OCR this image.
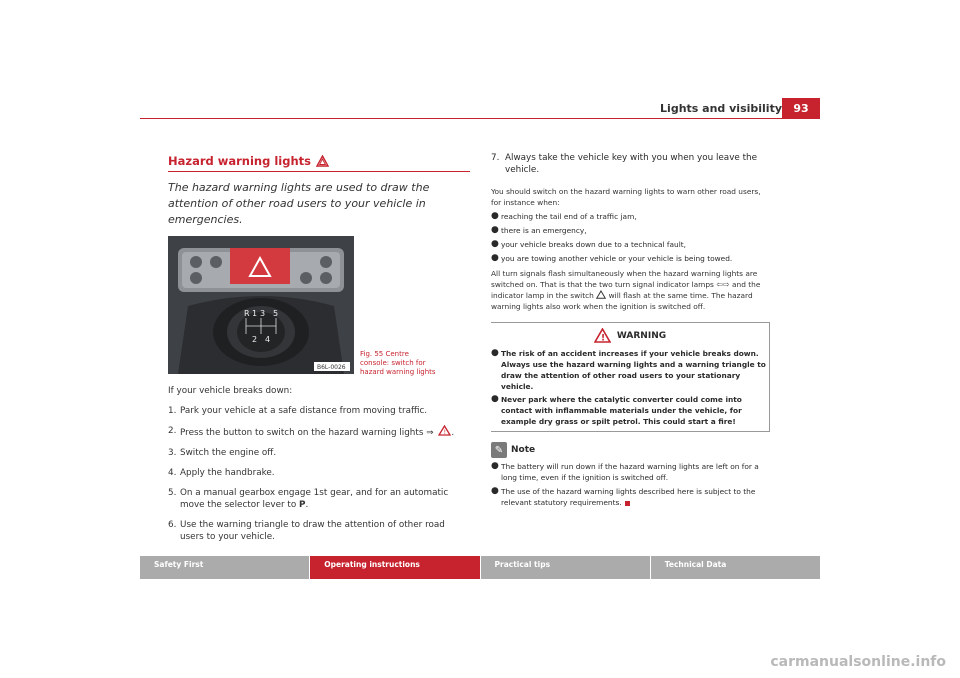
Lights and visibility	93
Hazard warning lights
The hazard warning lights are used to draw the attention of other road users to your vehicle in emergencies.
R 1 3 5
2 4
B6L-0026
Fig. 55 Centre console: switch for hazard warning lights
If your vehicle breaks down:
1. Park your vehicle at a safe distance from moving traffic.
2. Press the button to switch on the hazard warning lights ⇒ ! .
3. Switch the engine off.
4. Apply the handbrake.
5. On a manual gearbox engage 1st gear, and for an automatic move the selector lever to P.
6. Use the warning triangle to draw the attention of other road users to your vehicle.
7. Always take the vehicle key with you when you leave the vehicle.
You should switch on the hazard warning lights to warn other road users, for instance when:
● reaching the tail end of a traffic jam,
● there is an emergency,
● your vehicle breaks down due to a technical fault,
● you are towing another vehicle or your vehicle is being towed.
All turn signals flash simultaneously when the hazard warning lights are switched on. That is that the two turn signal indicator lamps ⇦⇨ and the indicator lamp in the switch will flash at the same time. The hazard warning lights also work when the ignition is switched off.
! WARNING
● The risk of an accident increases if your vehicle breaks down. Always use the hazard warning lights and a warning triangle to draw the attention of other road users to your stationary vehicle.
● Never park where the catalytic converter could come into contact with inflammable materials under the vehicle, for example dry grass or spilt petrol. This could start a fire!
✎ Note
● The battery will run down if the hazard warning lights are left on for a long time, even if the ignition is switched off.
● The use of the hazard warning lights described here is subject to the relevant statutory requirements.
Safety First	Operating instructions	Practical tips	Technical Data
carmanualsonline.info
